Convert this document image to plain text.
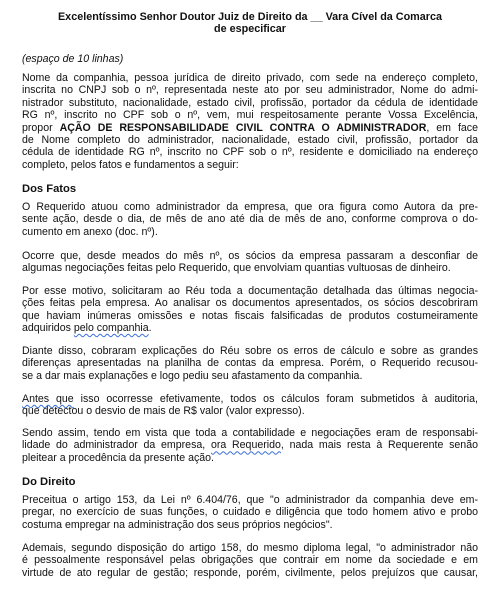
Excelentíssimo Senhor Doutor Juiz de Direito da __ Vara Cível da Comarca
de especificar
(espaço de 10 linhas)
Nome da companhia, pessoa jurídica de direito privado, com sede na endereço completo,
inscrita no CNPJ sob o nº, representada neste ato por seu administrador, Nome do admi-
nistrador substituto, nacionalidade, estado civil, profissão, portador da cédula de identidade
RG nº, inscrito no CPF sob o nº, vem, mui respeitosamente perante Vossa Excelência,
propor AÇÃO DE RESPONSABILIDADE CIVIL CONTRA O ADMINISTRADOR, em face
de Nome completo do administrador, nacionalidade, estado civil, profissão, portador da
cédula de identidade RG nº, inscrito no CPF sob o nº, residente e domiciliado na endereço
completo, pelos fatos e fundamentos a seguir:
Dos Fatos
O Requerido atuou como administrador da empresa, que ora figura como Autora da pre-
sente ação, desde o dia, de mês de ano até dia de mês de ano, conforme comprova o do-
cumento em anexo (doc. nº).
Ocorre que, desde meados do mês nº, os sócios da empresa passaram a desconfiar de
algumas negociações feitas pelo Requerido, que envolviam quantias vultuosas de dinheiro.
Por esse motivo, solicitaram ao Réu toda a documentação detalhada das últimas negocia-
ções feitas pela empresa. Ao analisar os documentos apresentados, os sócios descobriram
que haviam inúmeras omissões e notas fiscais falsificadas de produtos costumeiramente
adquiridos pelo companhia.
Diante disso, cobraram explicações do Réu sobre os erros de cálculo e sobre as grandes
diferenças apresentadas na planilha de contas da empresa. Porém, o Requerido recusou-
se a dar mais explanações e logo pediu seu afastamento da companhia.
Antes que isso ocorresse efetivamente, todos os cálculos foram submetidos à auditoria,
que detectou o desvio de mais de R$ valor (valor expresso).
Sendo assim, tendo em vista que toda a contabilidade e negociações eram de responsabi-
lidade do administrador da empresa, ora Requerido, nada mais resta à Requerente senão
pleitear a procedência da presente ação.
Do Direito
Preceitua o artigo 153, da Lei nº 6.404/76, que "o administrador da companhia deve em-
pregar, no exercício de suas funções, o cuidado e diligência que todo homem ativo e probo
costuma empregar na administração dos seus próprios negócios".
Ademais, segundo disposição do artigo 158, do mesmo diploma legal, "o administrador não
é pessoalmente responsável pelas obrigações que contrair em nome da sociedade e em
virtude de ato regular de gestão; responde, porém, civilmente, pelos prejuízos que causar,
